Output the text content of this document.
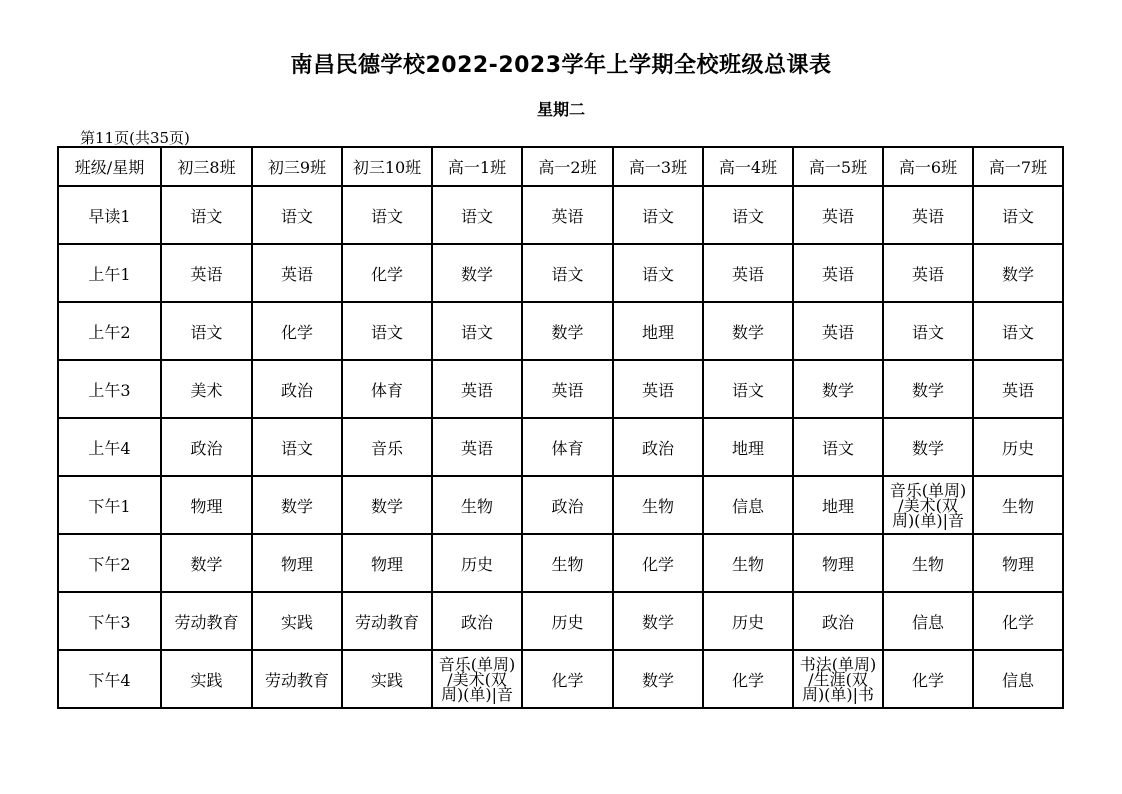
南昌民德学校2022-2023学年上学期全校班级总课表
星期二
第11页(共35页)
班级/星期	初三8班	初三9班	初三10班	高一1班	高一2班	高一3班	高一4班	高一5班	高一6班	高一7班
早读1	语文	语文	语文	语文	英语	语文	语文	英语	英语	语文
上午1	英语	英语	化学	数学	语文	语文	英语	英语	英语	数学
上午2	语文	化学	语文	语文	数学	地理	数学	英语	语文	语文
上午3	美术	政治	体育	英语	英语	英语	语文	数学	数学	英语
上午4	政治	语文	音乐	英语	体育	政治	地理	语文	数学	历史
下午1	物理	数学	数学	生物	政治	生物	信息	地理	音乐(单周)
/美术(双
周)(单)|音	生物
下午2	数学	物理	物理	历史	生物	化学	生物	物理	生物	物理
下午3	劳动教育	实践	劳动教育	政治	历史	数学	历史	政治	信息	化学
下午4	实践	劳动教育	实践	音乐(单周)
/美术(双
周)(单)|音	化学	数学	化学	书法(单周)
/生涯(双
周)(单)|书	化学	信息
